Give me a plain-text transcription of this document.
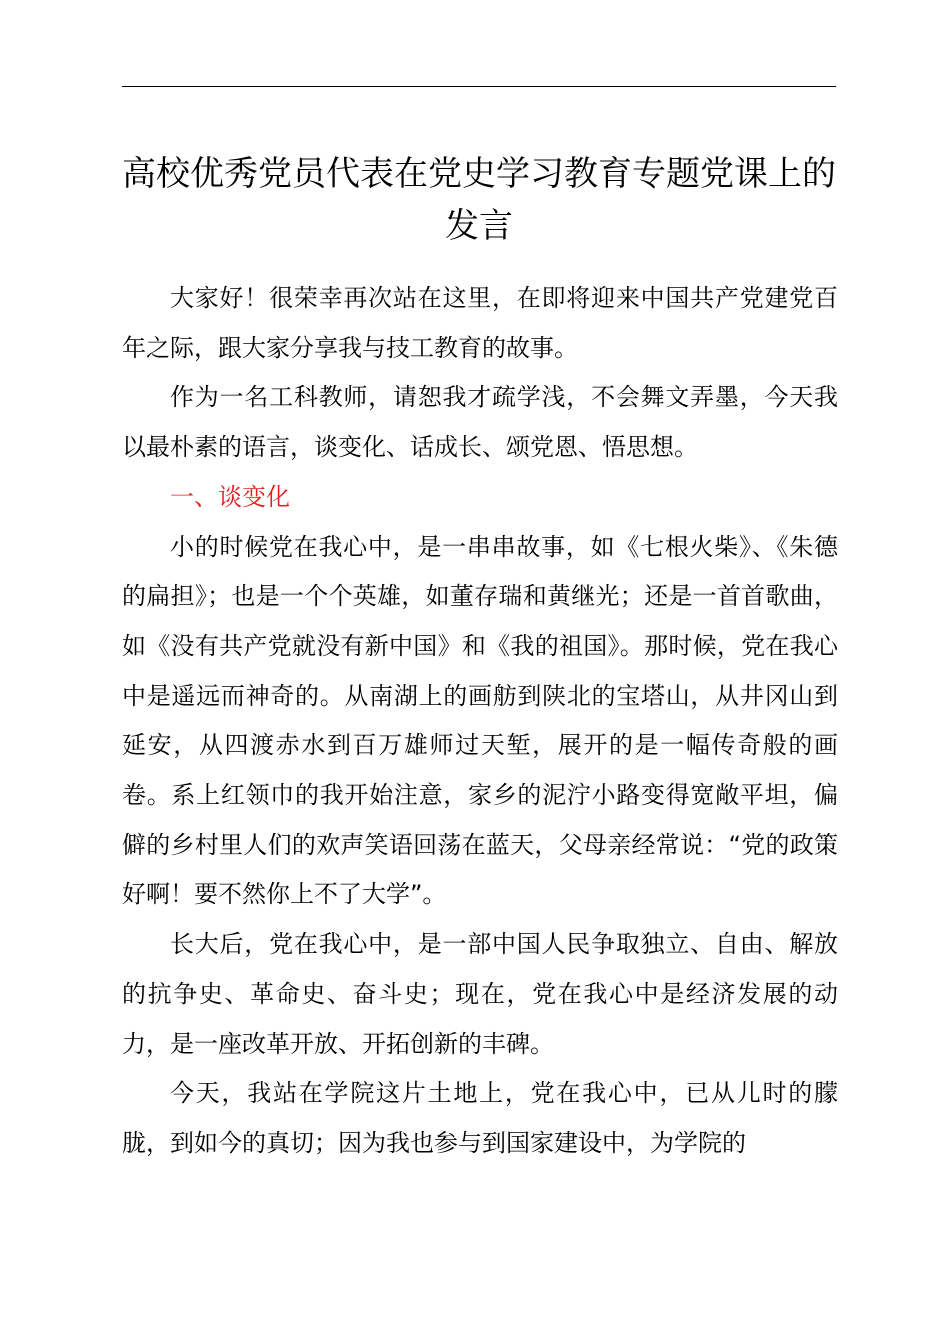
高校优秀党员代表在党史学习教育专题党课上的发言

大家好！很荣幸再次站在这里，在即将迎来中国共产党建党百年之际，跟大家分享我与技工教育的故事。

作为一名工科教师，请恕我才疏学浅，不会舞文弄墨，今天我以最朴素的语言，谈变化、话成长、颂党恩、悟思想。

一、谈变化

小的时候党在我心中，是一串串故事，如《七根火柴》、《朱德的扁担》；也是一个个英雄，如董存瑞和黄继光；还是一首首歌曲，如《没有共产党就没有新中国》和《我的祖国》。那时候，党在我心中是遥远而神奇的。从南湖上的画舫到陕北的宝塔山，从井冈山到延安，从四渡赤水到百万雄师过天堑，展开的是一幅传奇般的画卷。系上红领巾的我开始注意，家乡的泥泞小路变得宽敞平坦，偏僻的乡村里人们的欢声笑语回荡在蓝天，父母亲经常说：“党的政策好啊！要不然你上不了大学”。

长大后，党在我心中，是一部中国人民争取独立、自由、解放的抗争史、革命史、奋斗史；现在，党在我心中是经济发展的动力，是一座改革开放、开拓创新的丰碑。

今天，我站在学院这片土地上，党在我心中，已从儿时的朦胧，到如今的真切；因为我也参与到国家建设中，为学院的
